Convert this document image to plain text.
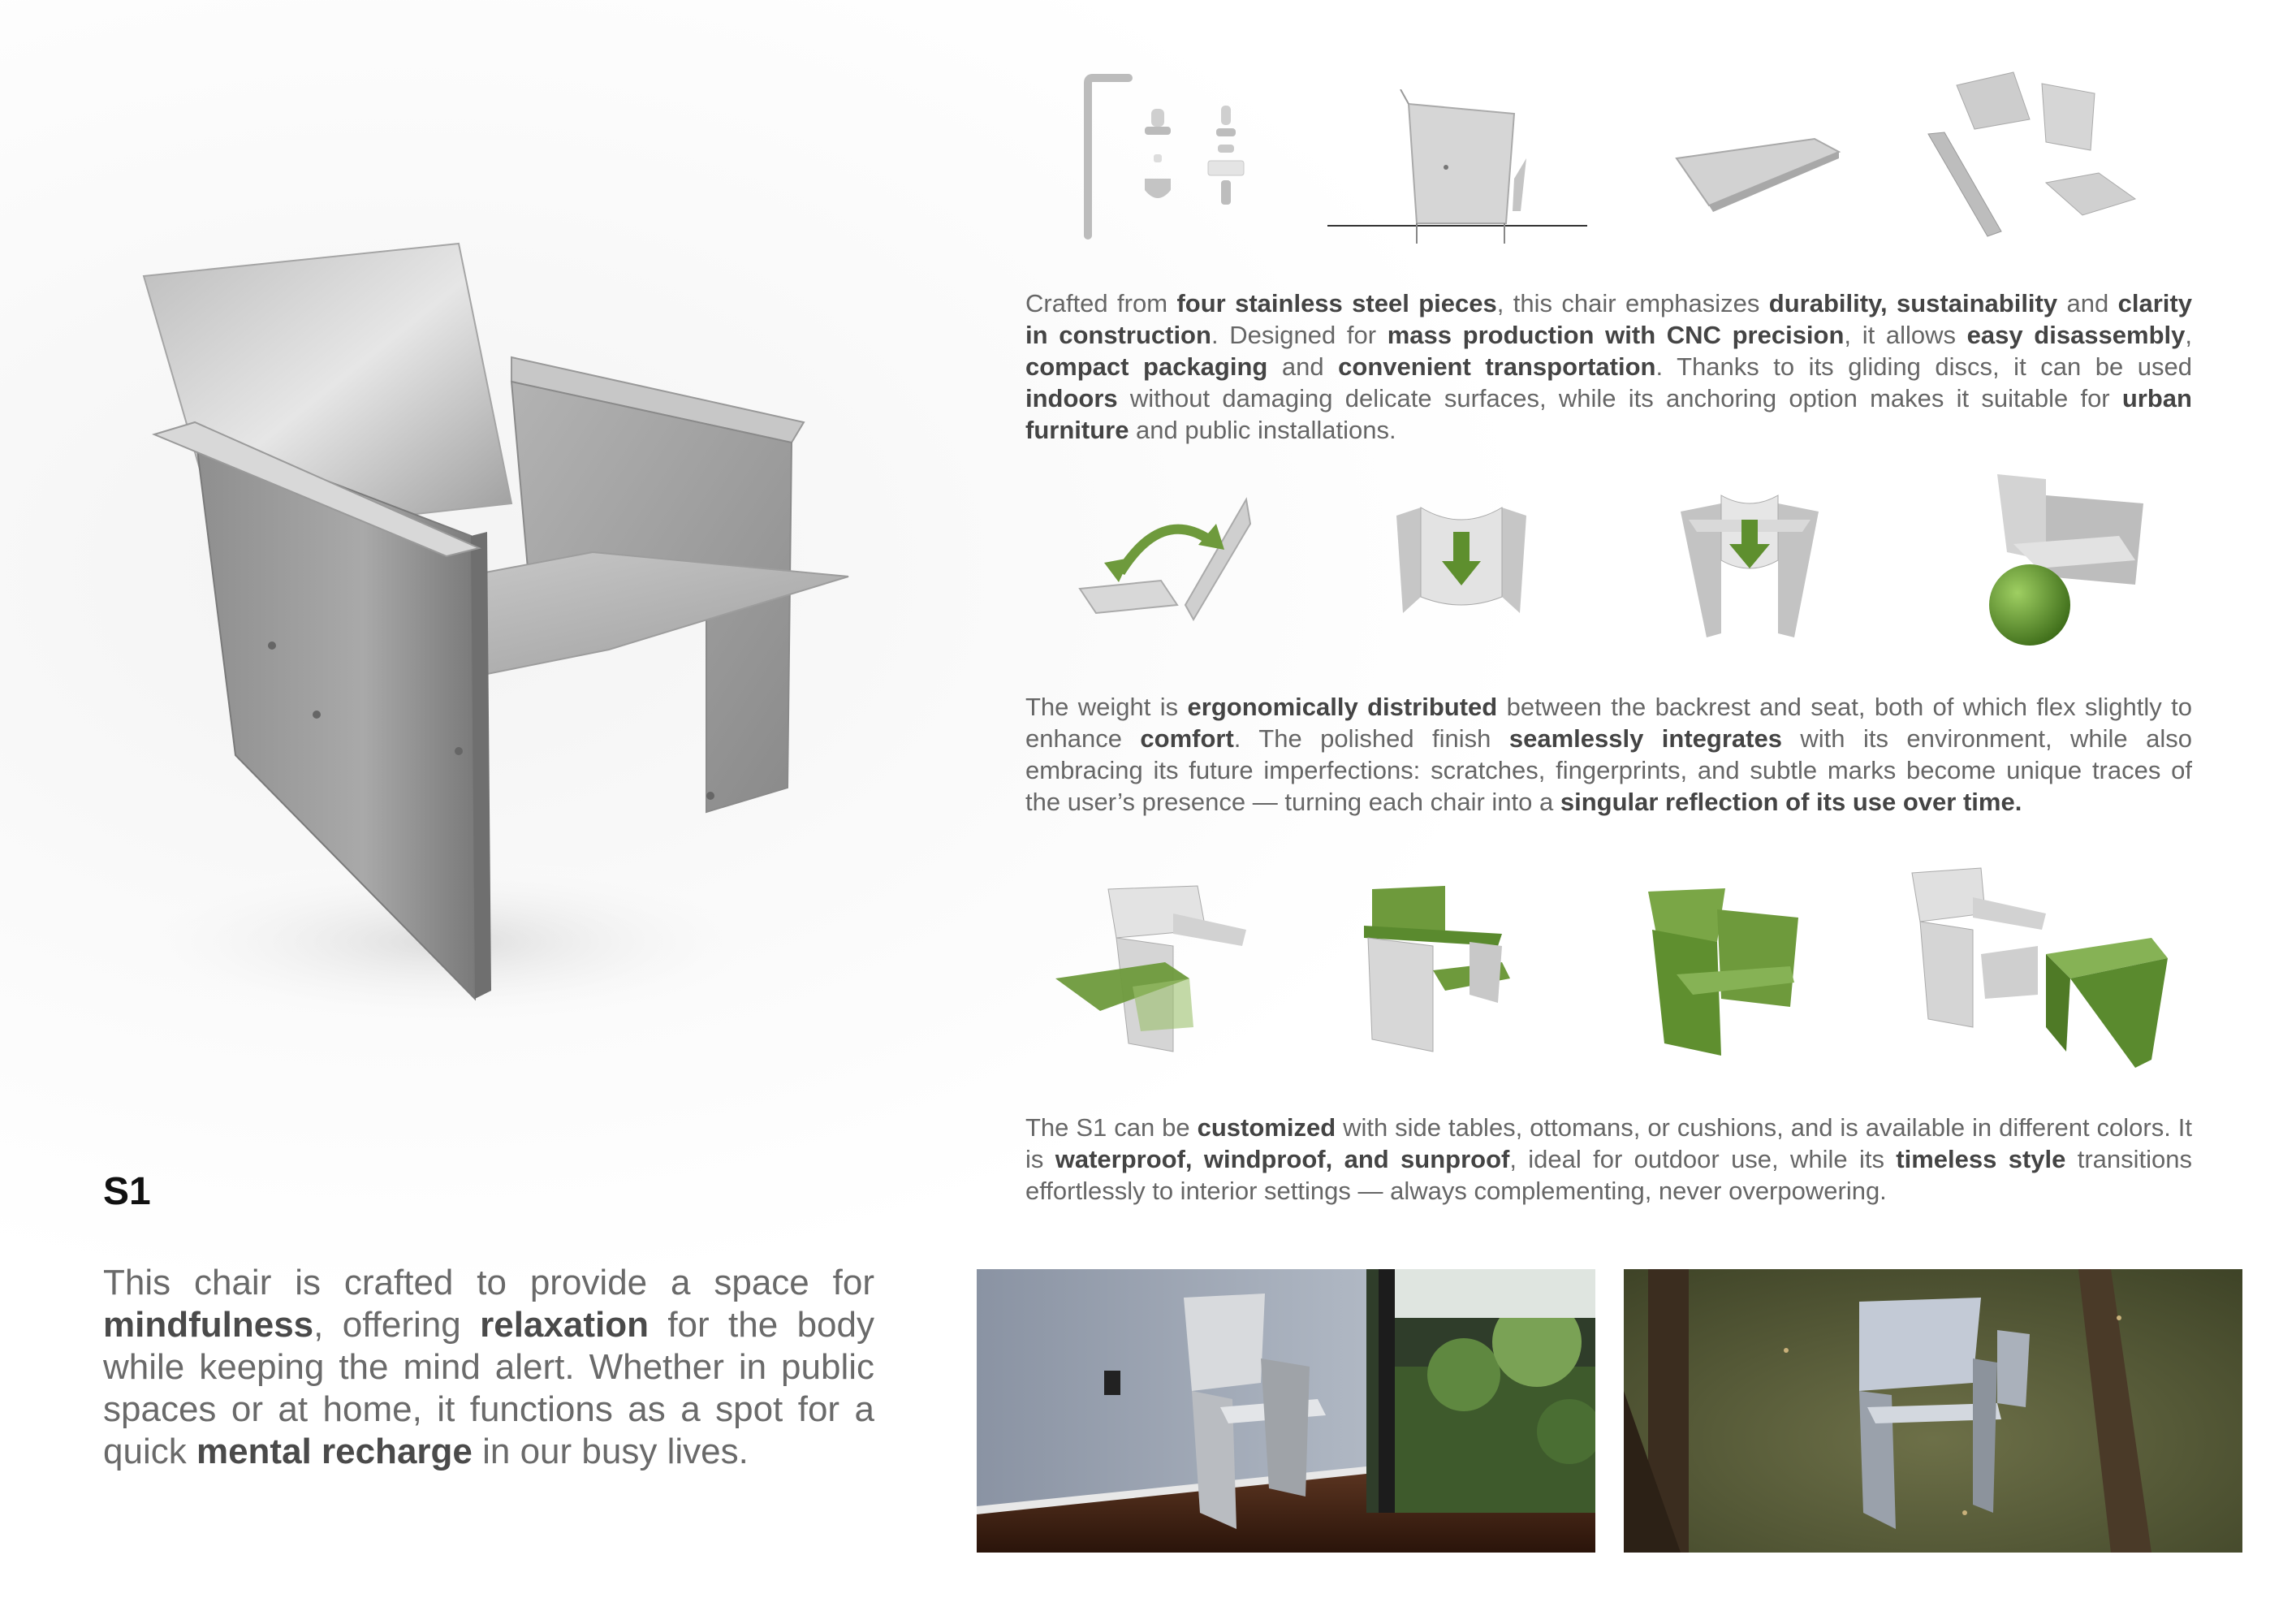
S1
This chair is crafted to provide a space for mindfulness, offering relaxation for the body while keeping the mind alert. Whether in public spaces or at home, it functions as a spot for a quick mental recharge in our busy lives.
Crafted from four stainless steel pieces, this chair emphasizes durability, sustainability and clarity in construction. Designed for mass production with CNC precision, it allows easy disassembly, compact packaging and convenient transportation. Thanks to its gliding discs, it can be used indoors without damaging delicate surfaces, while its anchoring option makes it suitable for urban furniture and public installations.
The weight is ergonomically distributed between the backrest and seat, both of which flex slightly to enhance comfort. The polished finish seamlessly integrates with its environment, while also embracing its future imperfections: scratches, fingerprints, and subtle marks become unique traces of the user’s presence — turning each chair into a singular reflection of its use over time.
The S1 can be customized with side tables, ottomans, or cushions, and is available in different colors. It is waterproof, windproof, and sunproof, ideal for outdoor use, while its timeless style transitions effortlessly to interior settings — always complementing, never overpowering.
